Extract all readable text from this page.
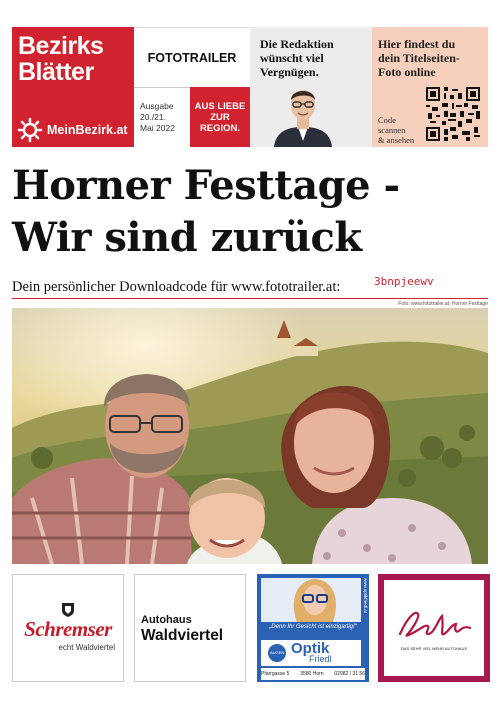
Bezirks
Blätter
MeinBezirk.at
FOTOTRAILER
Ausgabe
20./21.
Mai 2022
AUS LIEBE
ZUR
REGION.
Die Redaktion
wünscht viel
Vergnügen.
Hier findest du
dein Titelseiten-
Foto online
Code
scannen
& ansehen
Horner Festtage -
Wir sind zurück
Dein persönlicher Downloadcode für www.fototrailer.at:	3bnpjeewv
Foto: www.fototrailer.at, Horner Festtage
Schremser
echt Waldviertel
Autohaus
Waldviertel	„Denn Ihr Gesicht ist einzigartig!“
www.optikfriedl.at
AUGEN Optik
Friedl
Pfarrgasse 5 3580 Horn 02982 / 31 56
DAS SEHR VIEL MEHR AUTOHAUS
